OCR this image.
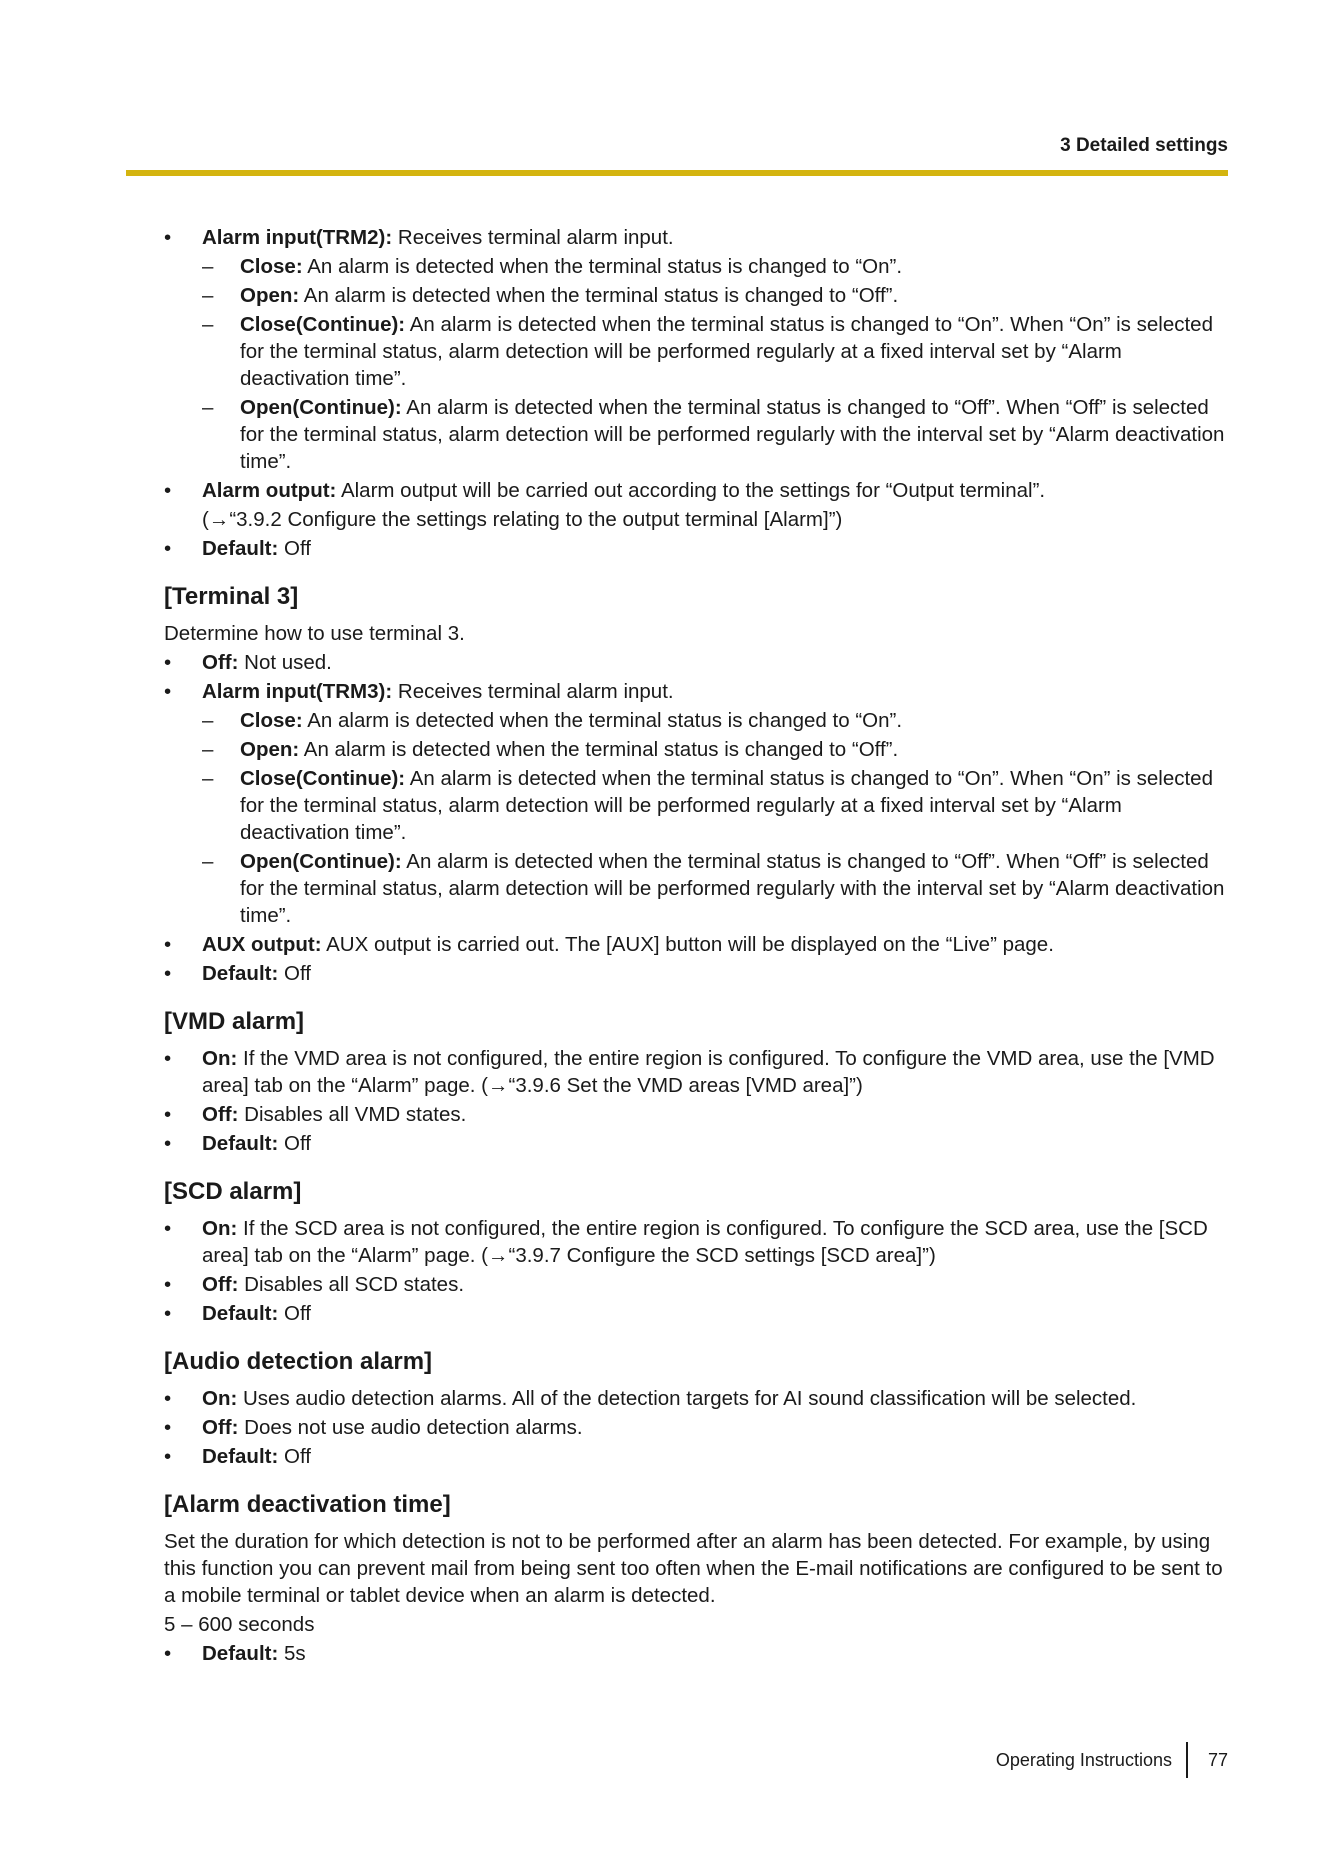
3 Detailed settings
• Alarm input(TRM2): Receives terminal alarm input.
– Close: An alarm is detected when the terminal status is changed to “On”.
– Open: An alarm is detected when the terminal status is changed to “Off”.
– Close(Continue): An alarm is detected when the terminal status is changed to “On”. When “On” is selected for the terminal status, alarm detection will be performed regularly at a fixed interval set by “Alarm deactivation time”.
– Open(Continue): An alarm is detected when the terminal status is changed to “Off”. When “Off” is selected for the terminal status, alarm detection will be performed regularly with the interval set by “Alarm deactivation time”.
• Alarm output: Alarm output will be carried out according to the settings for “Output terminal”.
(→“3.9.2 Configure the settings relating to the output terminal [Alarm]”)
• Default: Off
[Terminal 3]
Determine how to use terminal 3.
• Off: Not used.
• Alarm input(TRM3): Receives terminal alarm input.
– Close: An alarm is detected when the terminal status is changed to “On”.
– Open: An alarm is detected when the terminal status is changed to “Off”.
– Close(Continue): An alarm is detected when the terminal status is changed to “On”. When “On” is selected for the terminal status, alarm detection will be performed regularly at a fixed interval set by “Alarm deactivation time”.
– Open(Continue): An alarm is detected when the terminal status is changed to “Off”. When “Off” is selected for the terminal status, alarm detection will be performed regularly with the interval set by “Alarm deactivation time”.
• AUX output: AUX output is carried out. The [AUX] button will be displayed on the “Live” page.
• Default: Off
[VMD alarm]
• On: If the VMD area is not configured, the entire region is configured. To configure the VMD area, use the [VMD area] tab on the “Alarm” page. (→“3.9.6 Set the VMD areas [VMD area]”)
• Off: Disables all VMD states.
• Default: Off
[SCD alarm]
• On: If the SCD area is not configured, the entire region is configured. To configure the SCD area, use the [SCD area] tab on the “Alarm” page. (→“3.9.7 Configure the SCD settings [SCD area]”)
• Off: Disables all SCD states.
• Default: Off
[Audio detection alarm]
• On: Uses audio detection alarms. All of the detection targets for AI sound classification will be selected.
• Off: Does not use audio detection alarms.
• Default: Off
[Alarm deactivation time]
Set the duration for which detection is not to be performed after an alarm has been detected. For example, by using this function you can prevent mail from being sent too often when the E-mail notifications are configured to be sent to a mobile terminal or tablet device when an alarm is detected.
5 – 600 seconds
• Default: 5s
Operating Instructions 77
